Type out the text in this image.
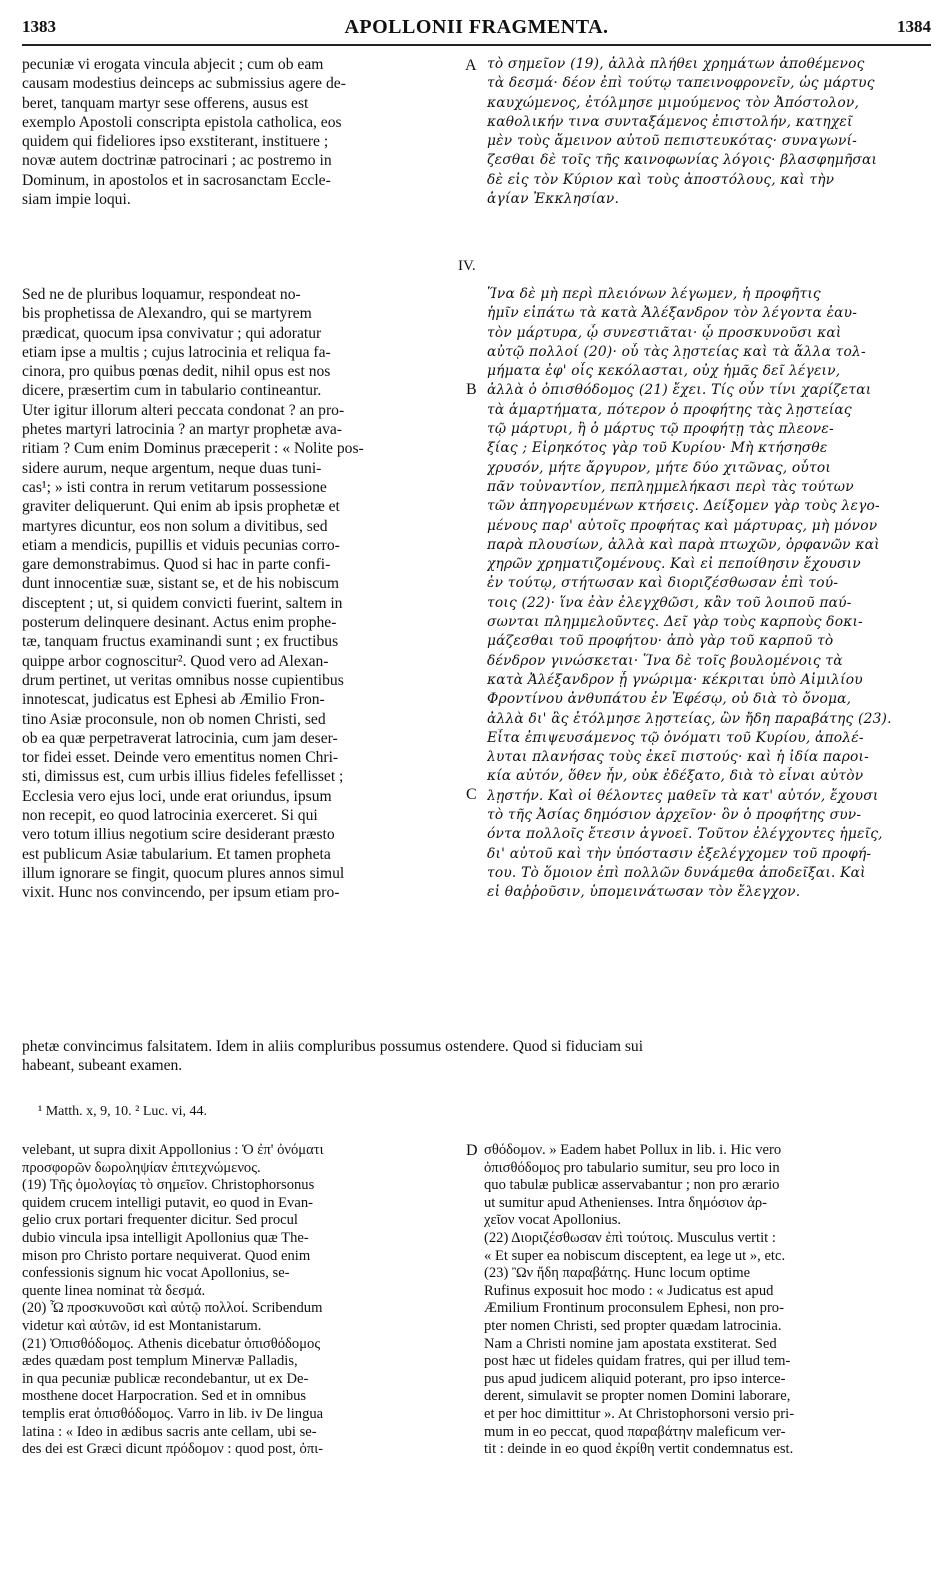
1383	APOLLONII FRAGMENTA.	1384
pecuniæ vi erogata vincula abjecit ; cum ob eam
causam modestius deinceps ac submissius agere de-
beret, tanquam martyr sese offerens, ausus est
exemplo Apostoli conscripta epistola catholica, eos
quidem qui fideliores ipso exstiterant, instituere ;
novæ autem doctrinæ patrocinari ; ac postremo in
Dominum, in apostolos et in sacrosanctam Eccle-
siam impie loqui.
τὸ σημεῖον (19), ἀλλὰ πλήθει χρημάτων ἀποθέμενος
τὰ δεσμά· δέον ἐπὶ τούτῳ ταπεινοφρονεῖν, ὡς μάρτυς
καυχώμενος, ἐτόλμησε μιμούμενος τὸν Ἀπόστολον,
καθολικήν τινα συνταξάμενος ἐπιστολήν, κατηχεῖ
μὲν τοὺς ἄμεινον αὐτοῦ πεπιστευκότας· συναγωνί-
ζεσθαι δὲ τοῖς τῆς καινοφωνίας λόγοις· βλασφημῆσαι
δὲ εἰς τὸν Κύριον καὶ τοὺς ἀποστόλους, καὶ τὴν
ἁγίαν Ἐκκλησίαν.
A
IV.
Sed ne de pluribus loquamur, respondeat no-
bis prophetissa de Alexandro, qui se martyrem
prædicat, quocum ipsa convivatur ; qui adoratur
etiam ipse a multis ; cujus latrocinia et reliqua fa-
cinora, pro quibus pœnas dedit, nihil opus est nos
dicere, præsertim cum in tabulario contineantur.
Uter igitur illorum alteri peccata condonat ? an pro-
phetes martyri latrocinia ? an martyr prophetæ ava-
ritiam ? Cum enim Dominus præceperit : « Nolite pos-
sidere aurum, neque argentum, neque duas tuni-
cas¹; » isti contra in rerum vetitarum possessione
graviter deliquerunt. Qui enim ab ipsis prophetæ et
martyres dicuntur, eos non solum a divitibus, sed
etiam a mendicis, pupillis et viduis pecunias corro-
gare demonstrabimus. Quod si hac in parte confi-
dunt innocentiæ suæ, sistant se, et de his nobiscum
disceptent ; ut, si quidem convicti fuerint, saltem in
posterum delinquere desinant. Actus enim prophe-
tæ, tanquam fructus examinandi sunt ; ex fructibus
quippe arbor cognoscitur². Quod vero ad Alexan-
drum pertinet, ut veritas omnibus nosse cupientibus
innotescat, judicatus est Ephesi ab Æmilio Fron-
tino Asiæ proconsule, non ob nomen Christi, sed
ob ea quæ perpetraverat latrocinia, cum jam deser-
tor fidei esset. Deinde vero ementitus nomen Chri-
sti, dimissus est, cum urbis illius fideles fefellisset ;
Ecclesia vero ejus loci, unde erat oriundus, ipsum
non recepit, eo quod latrocinia exerceret. Si qui
vero totum illius negotium scire desiderant præsto
est publicum Asiæ tabularium. Et tamen propheta
illum ignorare se fingit, quocum plures annos simul
vixit. Hunc nos convincendo, per ipsum etiam pro-
Ἵνα δὲ μὴ περὶ πλειόνων λέγωμεν, ἡ προφῆτις
ἡμῖν εἰπάτω τὰ κατὰ Ἀλέξανδρον τὸν λέγοντα ἑαυ-
τὸν μάρτυρα, ᾧ συνεστιᾶται· ᾧ προσκυνοῦσι καὶ
αὐτῷ πολλοί (20)· οὗ τὰς λῃστείας καὶ τὰ ἄλλα τολ-
μήματα ἐφ' οἷς κεκόλασται, οὐχ ἡμᾶς δεῖ λέγειν,
ἀλλὰ ὁ ὀπισθόδομος (21) ἔχει. Τίς οὖν τίνι χαρίζεται
τὰ ἁμαρτήματα, πότερον ὁ προφήτης τὰς λῃστείας
τῷ μάρτυρι, ἢ ὁ μάρτυς τῷ προφήτῃ τὰς πλεονε-
ξίας ; Εἰρηκότος γὰρ τοῦ Κυρίου· Μὴ κτήσησθε
χρυσόν, μήτε ἄργυρον, μήτε δύο χιτῶνας, οὗτοι
πᾶν τοὐναντίον, πεπλημμελήκασι περὶ τὰς τούτων
τῶν ἀπηγορευμένων κτήσεις. Δείξομεν γὰρ τοὺς λεγο-
μένους παρ' αὐτοῖς προφήτας καὶ μάρτυρας, μὴ μόνον
παρὰ πλουσίων, ἀλλὰ καὶ παρὰ πτωχῶν, ὀρφανῶν καὶ
χηρῶν χρηματιζομένους. Καὶ εἰ πεποίθησιν ἔχουσιν
ἐν τούτῳ, στήτωσαν καὶ διοριζέσθωσαν ἐπὶ τού-
τοις (22)· ἵνα ἐὰν ἐλεγχθῶσι, κἂν τοῦ λοιποῦ παύ-
σωνται πλημμελοῦντες. Δεῖ γὰρ τοὺς καρποὺς δοκι-
μάζεσθαι τοῦ προφήτου· ἀπὸ γὰρ τοῦ καρποῦ τὸ
δένδρον γινώσκεται· Ἵνα δὲ τοῖς βουλομένοις τὰ
κατὰ Ἀλέξανδρον ᾖ γνώριμα· κέκριται ὑπὸ Αἰμιλίου
Φροντίνου ἀνθυπάτου ἐν Ἐφέσῳ, οὐ διὰ τὸ ὄνομα,
ἀλλὰ δι' ἃς ἐτόλμησε λῃστείας, ὢν ἤδη παραβάτης (23).
Εἶτα ἐπιψευσάμενος τῷ ὀνόματι τοῦ Κυρίου, ἀπολέ-
λυται πλανήσας τοὺς ἐκεῖ πιστούς· καὶ ἡ ἰδία παροι-
κία αὐτόν, ὅθεν ἦν, οὐκ ἐδέξατο, διὰ τὸ εἶναι αὐτὸν
λῃστήν. Καὶ οἱ θέλοντες μαθεῖν τὰ κατ' αὐτόν, ἔχουσι
τὸ τῆς Ἀσίας δημόσιον ἀρχεῖον· ὃν ὁ προφήτης συν-
όντα πολλοῖς ἔτεσιν ἀγνοεῖ. Τοῦτον ἐλέγχοντες ἡμεῖς,
δι' αὐτοῦ καὶ τὴν ὑπόστασιν ἐξελέγχομεν τοῦ προφή-
του. Τὸ ὅμοιον ἐπὶ πολλῶν δυνάμεθα ἀποδεῖξαι. Καὶ
εἰ θαῤῥοῦσιν, ὑπομεινάτωσαν τὸν ἔλεγχον.
B
C
phetæ convincimus falsitatem. Idem in aliis compluribus possumus ostendere. Quod si fiduciam sui
habeant, subeant examen.
¹ Matth. x, 9, 10. ² Luc. vi, 44.
velebant, ut supra dixit Appollonius : Ὁ ἐπ' ὀνόματι
προσφορῶν δωροληψίαν ἐπιτεχνώμενος.
(19) Τῆς ὁμολογίας τὸ σημεῖον. Christophorsonus
quidem crucem intelligi putavit, eo quod in Evan-
gelio crux portari frequenter dicitur. Sed procul
dubio vincula ipsa intelligit Apollonius quæ The-
mison pro Christo portare nequiverat. Quod enim
confessionis signum hic vocat Apollonius, se-
quente linea nominat τὰ δεσμά.
(20) Ὧ προσκυνοῦσι καὶ αὐτῷ πολλοί. Scribendum
videtur καὶ αὐτῶν, id est Montanistarum.
(21) Ὀπισθόδομος. Athenis dicebatur ὀπισθόδομος
ædes quædam post templum Minervæ Palladis,
in qua pecuniæ publicæ recondebantur, ut ex De-
mosthene docet Harpocration. Sed et in omnibus
templis erat ὀπισθόδομος. Varro in lib. iv De lingua
latina : « Ideo in ædibus sacris ante cellam, ubi se-
des dei est Græci dicunt πρόδομον : quod post, ὀπι-
D σθόδομον. » Eadem habet Pollux in lib. i. Hic vero
ὀπισθόδομος pro tabulario sumitur, seu pro loco in
quo tabulæ publicæ asservabantur ; non pro ærario
ut sumitur apud Athenienses. Intra δημόσιον ἀρ-
χεῖον vocat Apollonius.
(22) Διοριζέσθωσαν ἐπὶ τούτοις. Musculus vertit :
« Et super ea nobiscum disceptent, ea lege ut », etc.
(23) Ὢν ἤδη παραβάτης. Hunc locum optime
Rufinus exposuit hoc modo : « Judicatus est apud
Æmilium Frontinum proconsulem Ephesi, non pro-
pter nomen Christi, sed propter quædam latrocinia.
Nam a Christi nomine jam apostata exstiterat. Sed
post hæc ut fideles quidam fratres, qui per illud tem-
pus apud judicem aliquid poterant, pro ipso interce-
derent, simulavit se propter nomen Domini laborare,
et per hoc dimittitur ». At Christophorsoni versio pri-
mum in eo peccat, quod παραβάτην maleficum ver-
tit : deinde in eo quod ἐκρίθη vertit condemnatus est.
